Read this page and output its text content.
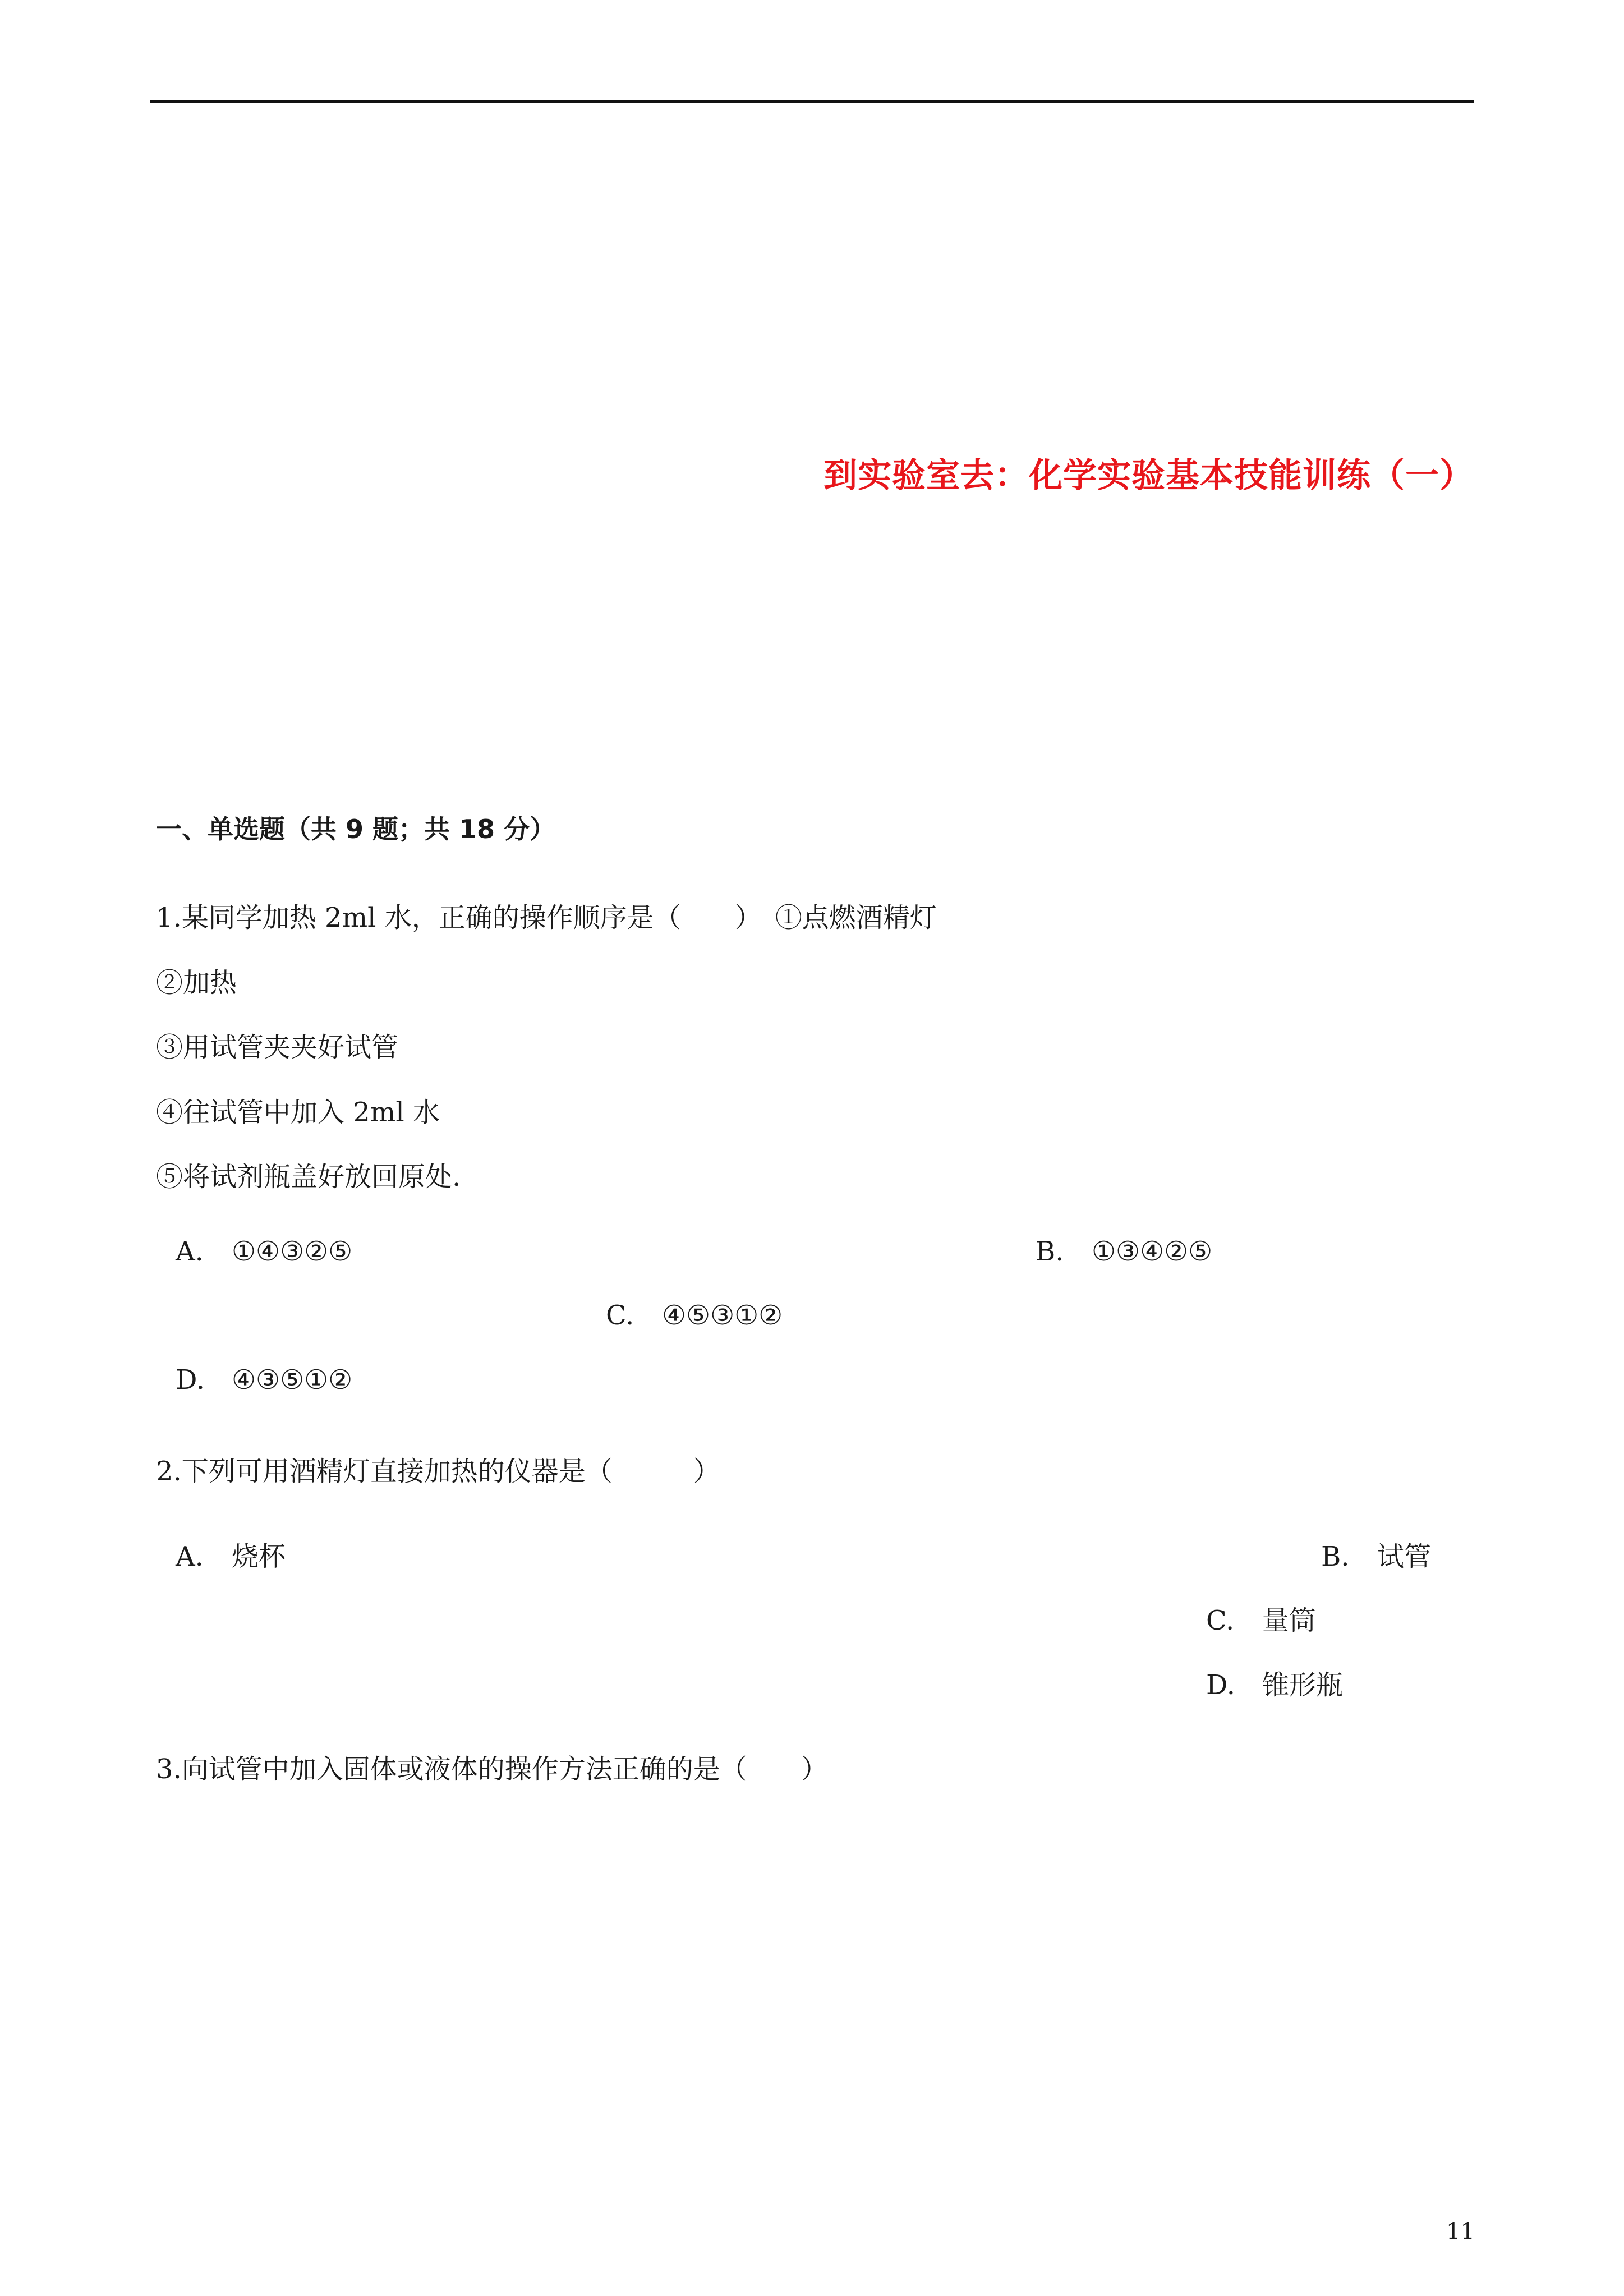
到实验室去：化学实验基本技能训练（一）
一、单选题（共 9 题；共 18 分）
1.某同学加热 2ml 水，正确的操作顺序是（　　）　①点燃酒精灯
②加热
③用试管夹夹好试管
④往试管中加入 2ml 水
⑤将试剂瓶盖好放回原处.
A. ①④③②⑤	B. ①③④②⑤
C. ④⑤③①②
D. ④③⑤①②
2.下列可用酒精灯直接加热的仪器是（　　　）
A. 烧杯	B. 试管
C. 量筒
D. 锥形瓶
3.向试管中加入固体或液体的操作方法正确的是（　　）
11
